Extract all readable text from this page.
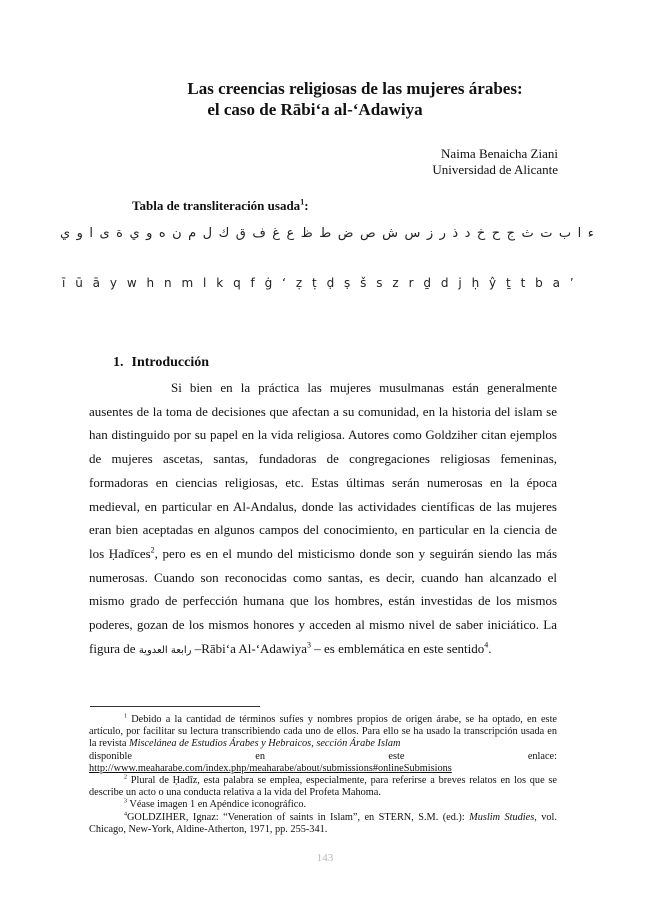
Las creencias religiosas de las mujeres árabes:
el caso de Rābi‘a al-‘Adawiya
Naima Benaicha Ziani
Universidad de Alicante
Tabla de transliteración usada$^1$:
ء
ا
ب
ت
ث
ج
ح
خ
د
ذ
ر
ز
س
ش
ص
ض
ط
ظ
ع
غ
ف
ق
ك
ل
م
ن
ه
و
ي
ة
ى
ا
و
ي
ī ū ā y w h n m l k q f ġ ‘ ẓ ṭ ḍ ṣ š s z r ḏ d j ḥ ŷ ṯ t b a ’
1. Introducción

Si bien en la práctica las mujeres musulmanas están generalmente ausentes de la toma de decisiones que afectan a su comunidad, en la historia del islam se han distinguido por su papel en la vida religiosa. Autores como Goldziher citan ejemplos de mujeres ascetas, santas, fundadoras de congregaciones religiosas femeninas, formadoras en ciencias religiosas, etc. Estas últimas serán numerosas en la época medieval, en particular en Al-Andalus, donde las actividades científicas de las mujeres eran bien aceptadas en algunos campos del conocimiento, en particular en la ciencia de los Ḥadīces$^2$, pero es en el mundo del misticismo donde son y seguirán siendo las más numerosas. Cuando son reconocidas como santas, es decir, cuando han alcanzado el mismo grado de perfección humana que los hombres, están investidas de los mismos poderes, gozan de los mismos honores y acceden al mismo nivel de saber iniciático. La figura de رابعة العدوية –Rābi‘a Al-‘Adawiya$^3$ – es emblemática en este sentido$^4$.

$^1$ Debido a la cantidad de términos sufíes y nombres propios de origen árabe, se ha optado, en este artículo, por facilitar su lectura transcribiendo cada uno de ellos. Para ello se ha usado la transcripción usada en la revista Miscelánea de Estudios Árabes y Hebraicos, sección Árabe Islam

disponible	en	este	enlace:

http://www.meaharabe.com/index.php/meaharabe/about/submissions#onlineSubmisions

$^2$ Plural de Ḥadīz, esta palabra se emplea, especialmente, para referirse a breves relatos en los que se describe un acto o una conducta relativa a la vida del Profeta Mahoma.

$^3$ Véase imagen 1 en Apéndice iconográfico.

$^4$GOLDZIHER, Ignaz: “Veneration of saints in Islam”, en STERN, S.M. (ed.): Muslim Studies, vol. Chicago, New-York, Aldine-Atherton, 1971, pp. 255-341.

143
